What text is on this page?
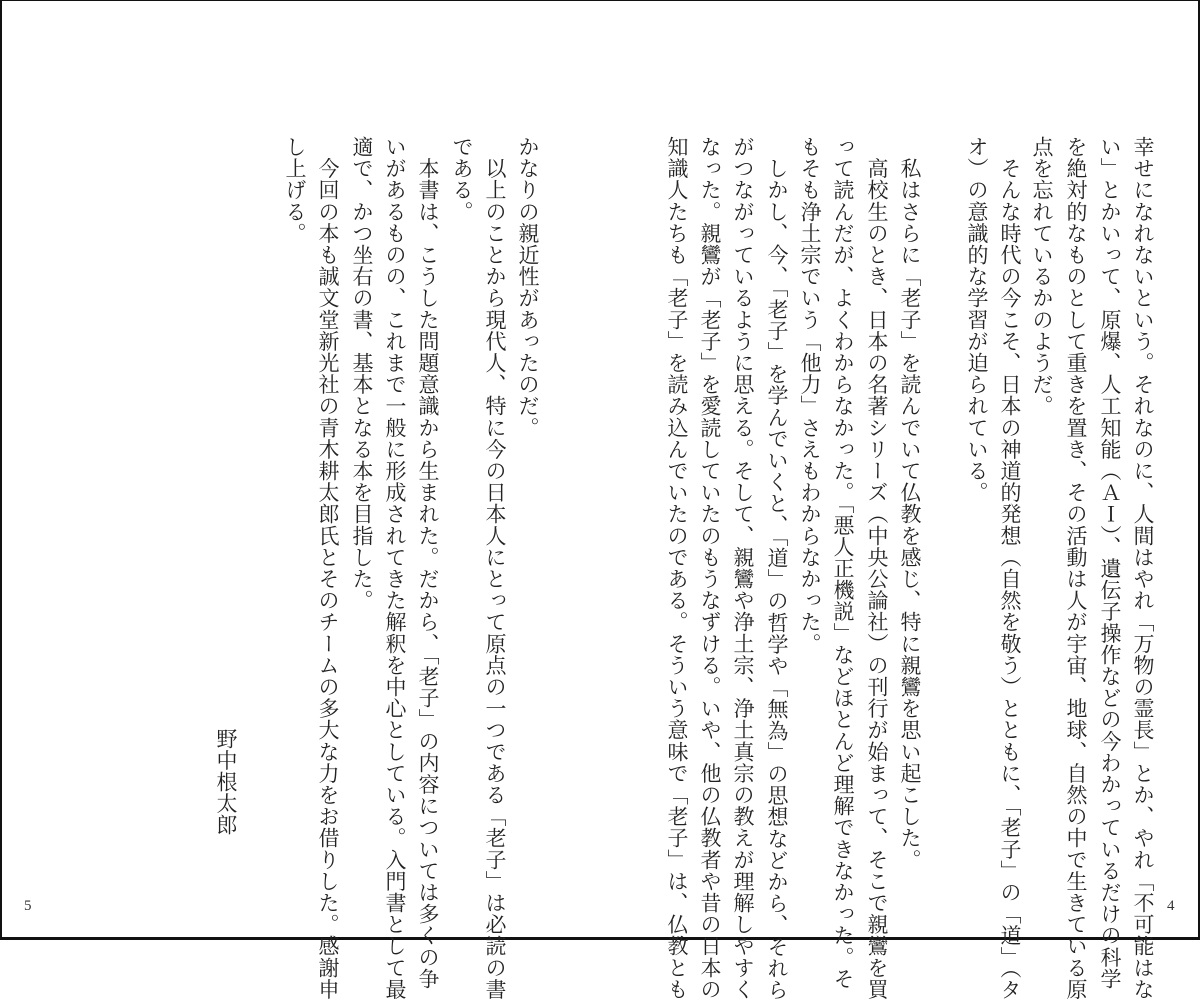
幸せになれないという。それなのに、人間はやれ「万物の霊長」とか、やれ「不可能はな
い」とかいって、原爆、人工知能（ＡＩ）、遺伝子操作などの今わかっているだけの科学
を絶対的なものとして重きを置き、その活動は人が宇宙、地球、自然の中で生きている原
点を忘れているかのようだ。
　そんな時代の今こそ、日本の神道的発想（自然を敬う）とともに、「老子」の「道」（タ
オ）の意識的な学習が迫られている。
　私はさらに「老子」を読んでいて仏教を感じ、特に親鸞を思い起こした。
　高校生のとき、日本の名著シリーズ（中央公論社）の刊行が始まって、そこで親鸞を買
って読んだが、よくわからなかった。「悪人正機説」などほとんど理解できなかった。そ
もそも浄土宗でいう「他力」さえもわからなかった。
　しかし、今、「老子」を学んでいくと、「道」の哲学や「無為」の思想などから、それら
がつながっているように思える。そして、親鸞や浄土宗、浄土真宗の教えが理解しやすく
なった。親鸞が「老子」を愛読していたのもうなずける。いや、他の仏教者や昔の日本の
知識人たちも「老子」を読み込んでいたのである。そういう意味で「老子」は、仏教とも	4
かなりの親近性があったのだ。
　以上のことから現代人、特に今の日本人にとって原点の一つである「老子」は必読の書
である。
　本書は、こうした問題意識から生まれた。だから、「老子」の内容については多くの争
いがあるものの、これまで一般に形成されてきた解釈を中心としている。入門書として最
適で、かつ坐右の書、基本となる本を目指した。
　今回の本も誠文堂新光社の青木耕太郎氏とそのチームの多大な力をお借りした。感謝申
し上げる。
野中根太郎
5
